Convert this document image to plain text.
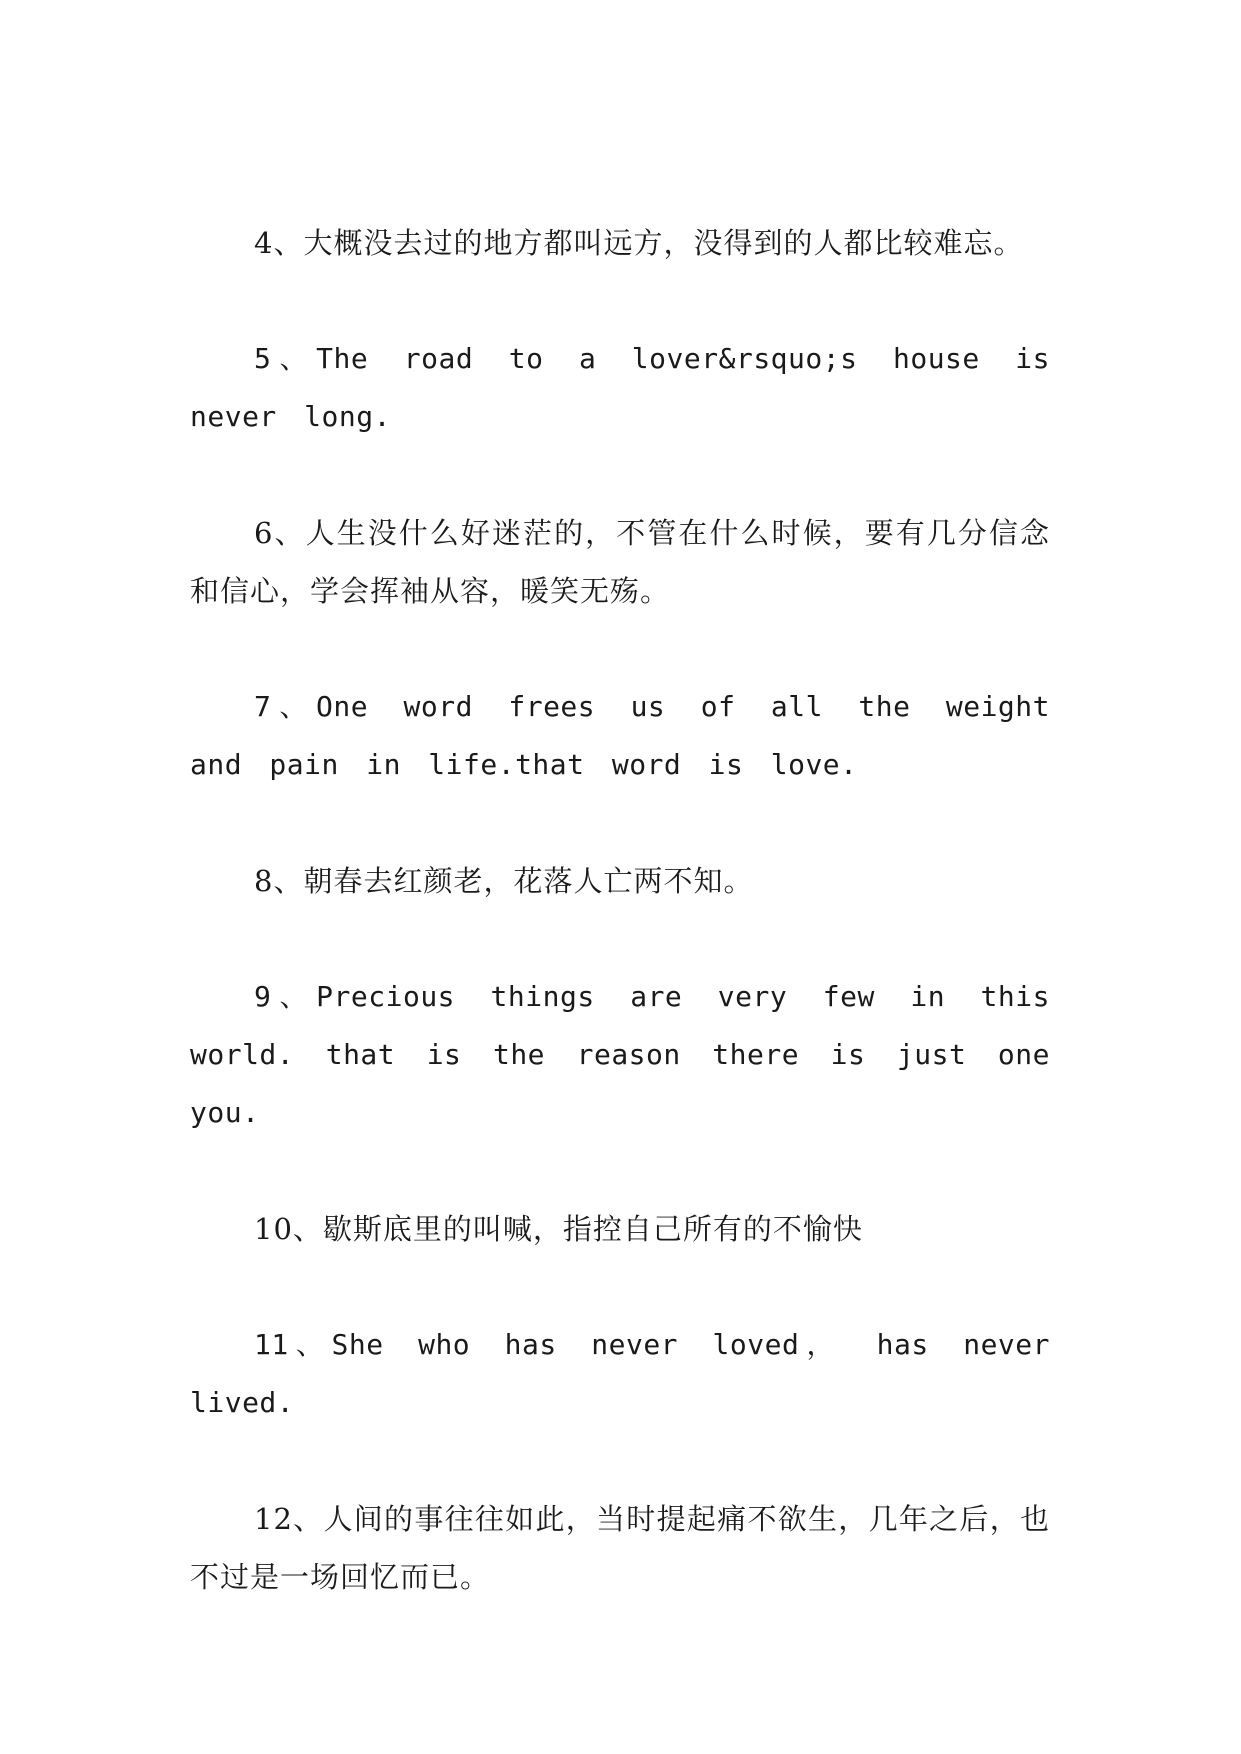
4、大概没去过的地方都叫远方，没得到的人都比较难忘。

5、The road to a lover&rsquo;s house is never long.

6、人生没什么好迷茫的，不管在什么时候，要有几分信念和信心，学会挥袖从容，暖笑无殇。

7、One word frees us of all the weight and pain in life.that word is love.

8、朝春去红颜老，花落人亡两不知。

9、Precious things are very few in this world. that is the reason there is just one you.

10、歇斯底里的叫喊，指控自己所有的不愉快

11、She who has never loved， has never lived.

12、人间的事往往如此，当时提起痛不欲生，几年之后，也不过是一场回忆而已。
